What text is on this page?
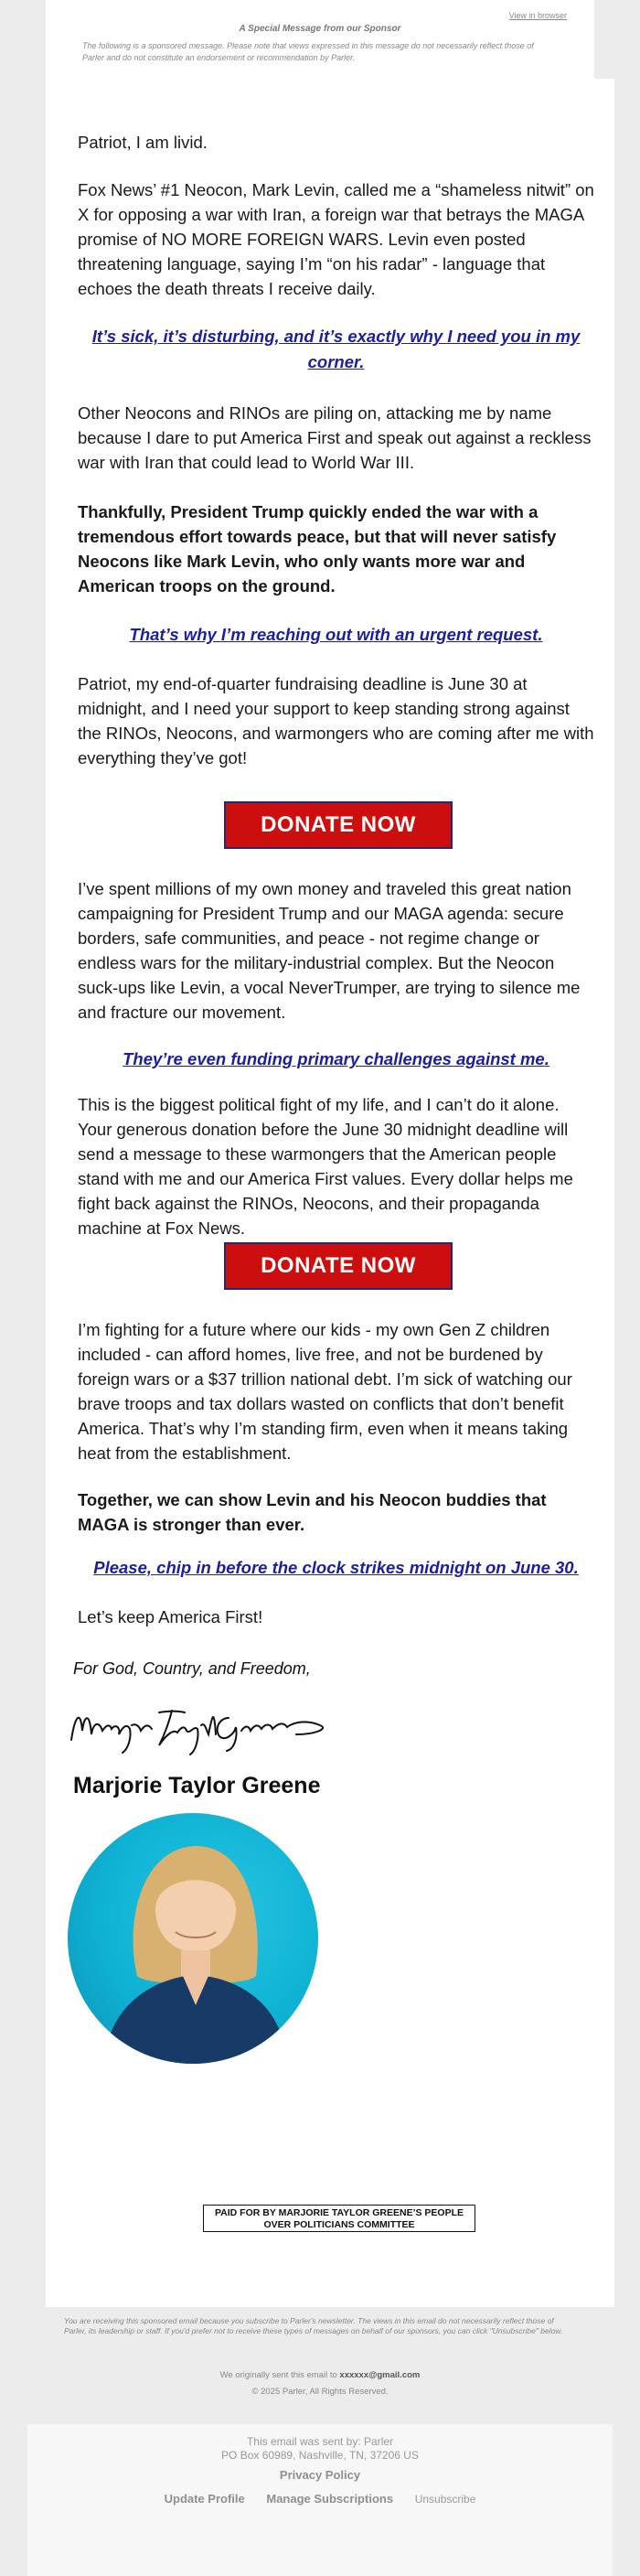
View in browser
A Special Message from our Sponsor
The following is a sponsored message. Please note that views expressed in this message do not necessarily reflect those of Parler and do not constitute an endorsement or recommendation by Parler.

Patriot, I am livid.

Fox News’ #1 Neocon, Mark Levin, called me a “shameless nitwit” on X for opposing a war with Iran, a foreign war that betrays the MAGA promise of NO MORE FOREIGN WARS. Levin even posted threatening language, saying I’m “on his radar” - language that echoes the death threats I receive daily.

It’s sick, it’s disturbing, and it’s exactly why I need you in my corner.

Other Neocons and RINOs are piling on, attacking me by name because I dare to put America First and speak out against a reckless war with Iran that could lead to World War III.

Thankfully, President Trump quickly ended the war with a tremendous effort towards peace, but that will never satisfy Neocons like Mark Levin, who only wants more war and American troops on the ground.

That’s why I’m reaching out with an urgent request.

Patriot, my end-of-quarter fundraising deadline is June 30 at midnight, and I need your support to keep standing strong against the RINOs, Neocons, and warmongers who are coming after me with everything they’ve got!

DONATE NOW

I’ve spent millions of my own money and traveled this great nation campaigning for President Trump and our MAGA agenda: secure borders, safe communities, and peace - not regime change or endless wars for the military-industrial complex. But the Neocon suck-ups like Levin, a vocal NeverTrumper, are trying to silence me and fracture our movement.

They’re even funding primary challenges against me.

This is the biggest political fight of my life, and I can’t do it alone. Your generous donation before the June 30 midnight deadline will send a message to these warmongers that the American people stand with me and our America First values. Every dollar helps me fight back against the RINOs, Neocons, and their propaganda machine at Fox News.

DONATE NOW

I’m fighting for a future where our kids - my own Gen Z children included - can afford homes, live free, and not be burdened by foreign wars or a $37 trillion national debt. I’m sick of watching our brave troops and tax dollars wasted on conflicts that don’t benefit America. That’s why I’m standing firm, even when it means taking heat from the establishment.

Together, we can show Levin and his Neocon buddies that MAGA is stronger than ever.

Please, chip in before the clock strikes midnight on June 30.

Let’s keep America First!

For God, Country, and Freedom,
Marjorie Taylor Greene
PAID FOR BY MARJORIE TAYLOR GREENE’S PEOPLE OVER POLITICIANS COMMITTEE
You are receiving this sponsored email because you subscribe to Parler's newsletter. The views in this email do not necessarily reflect those of Parler, its leadership or staff. If you'd prefer not to receive these types of messages on behalf of our sponsors, you can click "Unsubscribe" below.
We originally sent this email to xxxxxx@gmail.com
© 2025 Parler, All Rights Reserved.
This email was sent by: Parler
PO Box 60989, Nashville, TN, 37206 US
Privacy Policy
Update Profile Manage Subscriptions Unsubscribe
